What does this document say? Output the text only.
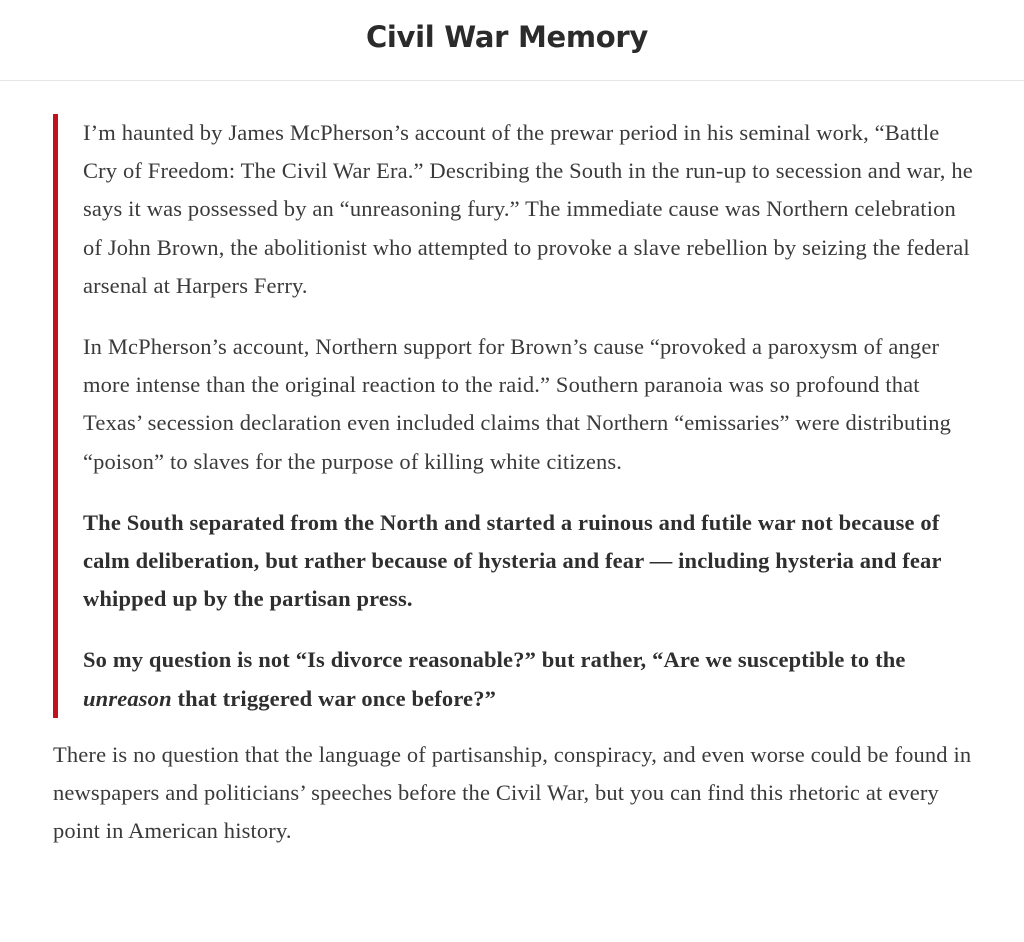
Civil War Memory

I’m haunted by James McPherson’s account of the prewar period in his seminal work, “Battle Cry of Freedom: The Civil War Era.” Describing the South in the run-up to secession and war, he says it was possessed by an “unreasoning fury.” The immediate cause was Northern celebration of John Brown, the abolitionist who attempted to provoke a slave rebellion by seizing the federal arsenal at Harpers Ferry.

In McPherson’s account, Northern support for Brown’s cause “provoked a paroxysm of anger more intense than the original reaction to the raid.” Southern paranoia was so profound that Texas’ secession declaration even included claims that Northern “emissaries” were distributing “poison” to slaves for the purpose of killing white citizens.

The South separated from the North and started a ruinous and futile war not because of calm deliberation, but rather because of hysteria and fear — including hysteria and fear whipped up by the partisan press.

So my question is not “Is divorce reasonable?” but rather, “Are we susceptible to the unreason that triggered war once before?”

There is no question that the language of partisanship, conspiracy, and even worse could be found in newspapers and politicians’ speeches before the Civil War, but you can find this rhetoric at every point in American history.
